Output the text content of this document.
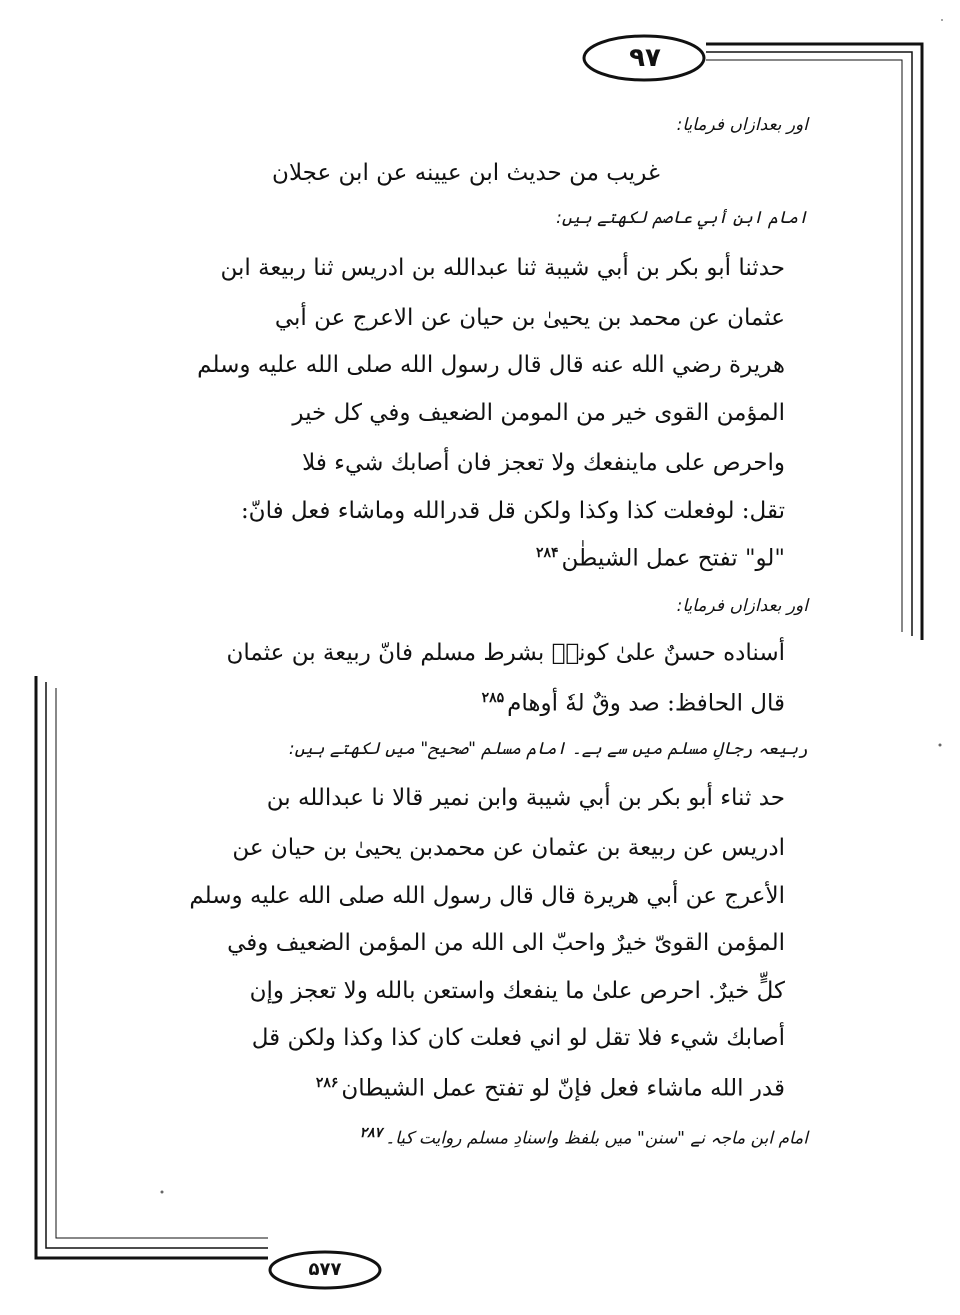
۹۷
۵۷۷
اور بعدازاں فرمایا:
غريب من حديث ابن عيينه عن ابن عجلان
امام ابن أبي عاصم لکھتے ہیں:
حدثنا أبو بكر بن أبي شيبة ثنا عبدالله بن ادريس ثنا ربيعة ابن
عثمان عن محمد بن يحيىٰ بن حيان عن الاعرج عن أبي
هريرة رضي الله عنه قال قال رسول الله صلى الله عليه وسلم
المؤمن القوى خير من المومن الضعيف وفي كل خير
واحرص على ماينفعك ولا تعجز فان أصابك شيء فلا
تقل: لوفعلت كذا وكذا ولكن قل قدرالله وماشاء فعل فانّ:
"لو" تفتح عمل الشيطٰن$^{۲۸۴}$
اور بعدازاں فرمایا:
أسناده حسنٌ علىٰ كونهٖ بشرط مسلم فانّ ربيعة بن عثمان
قال الحافظ: صد وقٌ لهٗ أوهام$^{۲۸۵}$
ربیعہ رجالِ مسلم میں سے ہے۔ امام مسلم "صحیح" میں لکھتے ہیں:
حد ثناء أبو بكر بن أبي شيبة وابن نمير قالا نا عبدالله بن
ادريس عن ربيعة بن عثمان عن محمدبن يحيىٰ بن حيان عن
الأعرج عن أبي هريرة قال قال رسول الله صلى الله عليه وسلم
المؤمن القوىّ خيرٌ واحبّ الى الله من المؤمن الضعيف وفي
كلٍّ خيرٌ. احرص علىٰ ما ينفعك واستعن بالله ولا تعجز وإن
أصابك شيء فلا تقل لو اني فعلت كان كذا وكذا ولكن قل
قدر الله ماشاء فعل فإنّ لو تفتح عمل الشيطان$^{۲۸۶}$
امام ابن ماجہ نے "سنن" میں بلفظ واسنادِ مسلم روایت کیا۔$^{۲۸۷}$
